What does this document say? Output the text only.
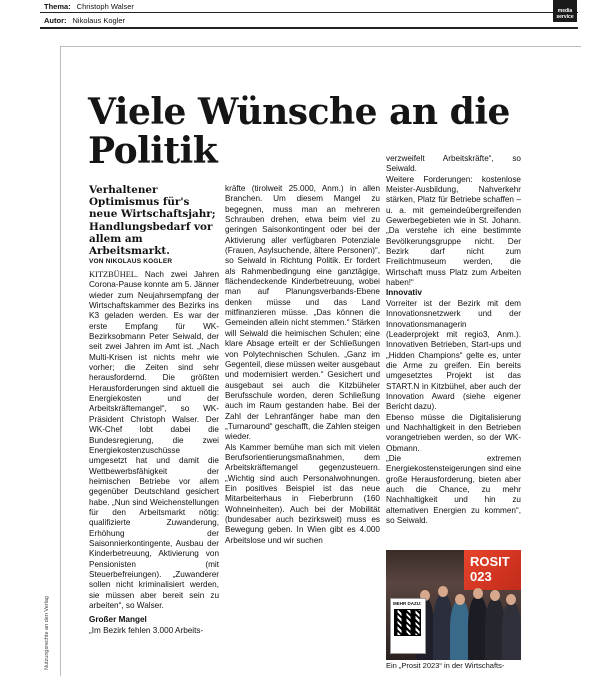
Thema: Christoph Walser
Autor: Nikolaus Kogler
media
service
Nutzungsrechte an den Verlag
Viele Wünsche an die Politik
Verhaltener Optimismus für's neue Wirtschaftsjahr; Handlungsbedarf vor allem am Arbeitsmarkt.
VON NIKOLAUS KOGLER

KITZBÜHEL. Nach zwei Jahren Corona-Pause konnte am 5. Jänner wieder zum Neujahrsempfang der Wirtschaftskammer des Bezirks ins K3 geladen werden. Es war der erste Empfang für WK-Bezirksobmann Peter Seiwald, der seit zwei Jahren im Amt ist. „Nach Multi-Krisen ist nichts mehr wie vorher; die Zeiten sind sehr herausfordernd. Die größten Herausforderungen sind aktuell die Energiekosten und der Arbeitskräftemangel“, so WK-Präsident Christoph Walser. Der WK-Chef lobt dabei die Bundesregierung, die zwei Energiekostenzuschüsse umgesetzt hat und damit die Wettbewerbsfähigkeit der heimischen Betriebe vor allem gegenüber Deutschland gesichert habe. „Nun sind Weichenstellungen für den Arbeitsmarkt nötig: qualifizierte Zuwanderung, Erhöhung der Saisonnierkontingente, Ausbau der Kinderbetreuung, Aktivierung von Pensionisten (mit Steuerbefreiungen). „Zuwanderer sollen nicht kriminalisiert werden, sie müssen aber bereit sein zu arbeiten“, so Walser.

Großer Mangel

„Im Bezirk fehlen 3.000 Arbeits-

kräfte (tirolweit 25.000, Anm.) in allen Branchen. Um diesem Mangel zu begegnen, muss man an mehreren Schrauben drehen, etwa beim viel zu geringen Saisonkontingent oder bei der Aktivierung aller verfügbaren Potenziale (Frauen, Asylsuchende, ältere Personen)“, so Seiwald in Richtung Politik. Er fordert als Rahmenbedingung eine ganztägige, flächendeckende Kinderbetreuung, wobei man auf Planungsverbands-Ebene denken müsse und das Land mitfinanzieren müsse. „Das können die Gemeinden allein nicht stemmen.“ Stärken will Seiwald die heimischen Schulen; eine klare Absage erteilt er der Schließungen von Polytechnischen Schulen. „Ganz im Gegenteil, diese müssen weiter ausgebaut und modernisiert werden.“ Gesichert und ausgebaut sei auch die Kitzbüheler Berufsschule worden, deren Schließung auch im Raum gestanden habe. Bei der Zahl der Lehranfänger habe man den „Turnaround“ geschafft, die Zahlen steigen wieder.

Als Kammer bemühe man sich mit vielen Berufsorientierungsmaßnahmen, dem Arbeitskräftemangel gegenzusteuern. „Wichtig sind auch Personalwohnungen. Ein positives Beispiel ist das neue Mitarbeiterhaus in Fieberbrunn (160 Wohneinheiten). Auch bei der Mobilität (bundesaber auch bezirksweit) muss es Bewegung geben. In Wien gibt es 4.000 Arbeitslose und wir suchen

verzweifelt Arbeitskräfte“, so Seiwald.

Weitere Forderungen: kostenlose Meister-Ausbildung, Nahverkehr stärken, Platz für Betriebe schaffen – u. a. mit gemeindeübergreifenden Gewerbegebieten wie in St. Johann. „Da verstehe ich eine bestimmte Bevölkerungsgruppe nicht. Der Bezirk darf nicht zum Freilichtmuseum werden, die Wirtschaft muss Platz zum Arbeiten haben!“

Innovativ

Vorreiter ist der Bezirk mit dem Innovationsnetzwerk und der Innovationsmanagerin (Leaderprojekt mit regio3, Anm.). Innovativen Betrieben, Start-ups und „Hidden Champions“ gelte es, unter die Arme zu greifen. Ein bereits umgesetztes Projekt ist das START.N in Kitzbühel, aber auch der Innovation Award (siehe eigener Bericht dazu).

Ebenso müsse die Digitalisierung und Nachhaltigkeit in den Betrieben vorangetrieben werden, so der WK-Obmann.

„Die extremen Energiekostensteigerungen sind eine große Herausforderung, bieten aber auch die Chance, zu mehr Nachhaltigkeit und hin zu alternativen Energien zu kommen“, so Seiwald.

ROSIT 023
MEHR DAZU:
Ein „Prosit 2023“ in der Wirtschafts-
